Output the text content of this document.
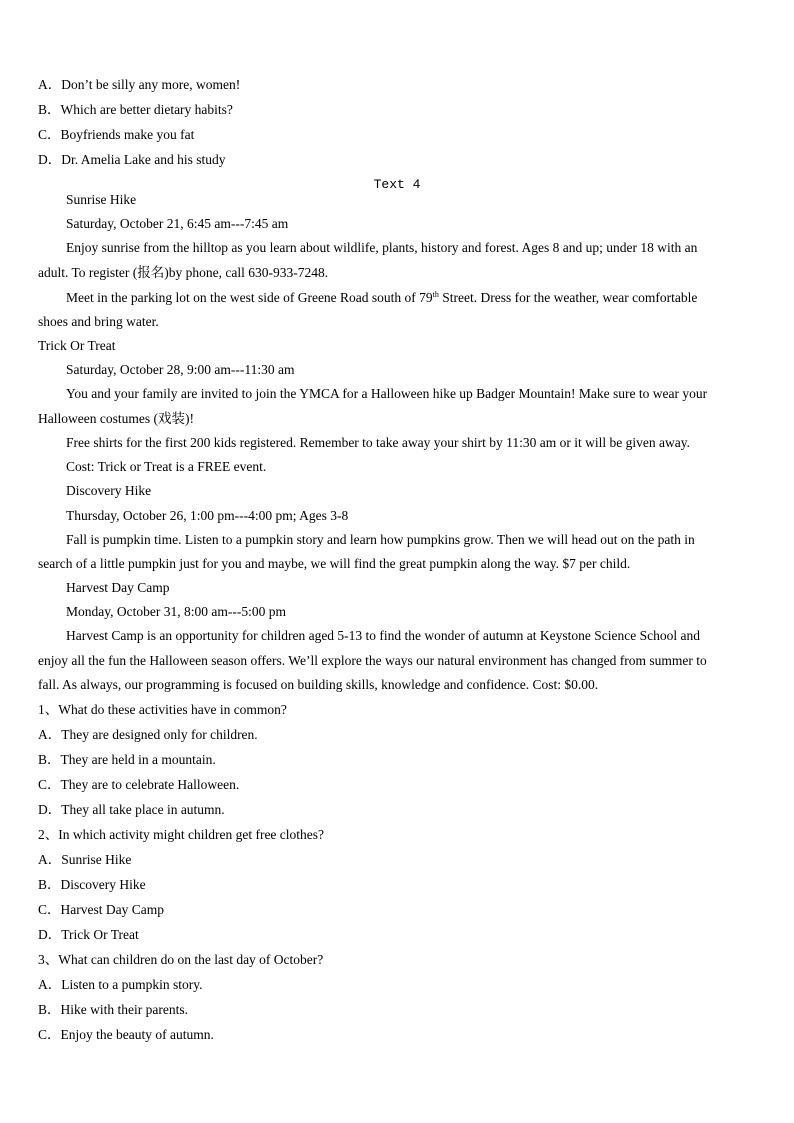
A．Don’t be silly any more, women!
B．Which are better dietary habits?
C．Boyfriends make you fat
D．Dr. Amelia Lake and his study
Text 4
Sunrise Hike
Saturday, October 21, 6:45 am---7:45 am
Enjoy sunrise from the hilltop as you learn about wildlife, plants, history and forest. Ages 8 and up; under 18 with an
adult. To register (报名)by phone, call 630-933-7248.
Meet in the parking lot on the west side of Greene Road south of 79th Street. Dress for the weather, wear comfortable
shoes and bring water.
Trick Or Treat
Saturday, October 28, 9:00 am---11:30 am
You and your family are invited to join the YMCA for a Halloween hike up Badger Mountain! Make sure to wear your
Halloween costumes (戏装)!
Free shirts for the first 200 kids registered. Remember to take away your shirt by 11:30 am or it will be given away.
Cost: Trick or Treat is a FREE event.
Discovery Hike
Thursday, October 26, 1:00 pm---4:00 pm; Ages 3-8
Fall is pumpkin time. Listen to a pumpkin story and learn how pumpkins grow. Then we will head out on the path in
search of a little pumpkin just for you and maybe, we will find the great pumpkin along the way. $7 per child.
Harvest Day Camp
Monday, October 31, 8:00 am---5:00 pm
Harvest Camp is an opportunity for children aged 5-13 to find the wonder of autumn at Keystone Science School and
enjoy all the fun the Halloween season offers. We’ll explore the ways our natural environment has changed from summer to
fall. As always, our programming is focused on building skills, knowledge and confidence. Cost: $0.00.
1、What do these activities have in common?
A．They are designed only for children.
B．They are held in a mountain.
C．They are to celebrate Halloween.
D．They all take place in autumn.
2、In which activity might children get free clothes?
A．Sunrise Hike
B．Discovery Hike
C．Harvest Day Camp
D．Trick Or Treat
3、What can children do on the last day of October?
A．Listen to a pumpkin story.
B．Hike with their parents.
C．Enjoy the beauty of autumn.
